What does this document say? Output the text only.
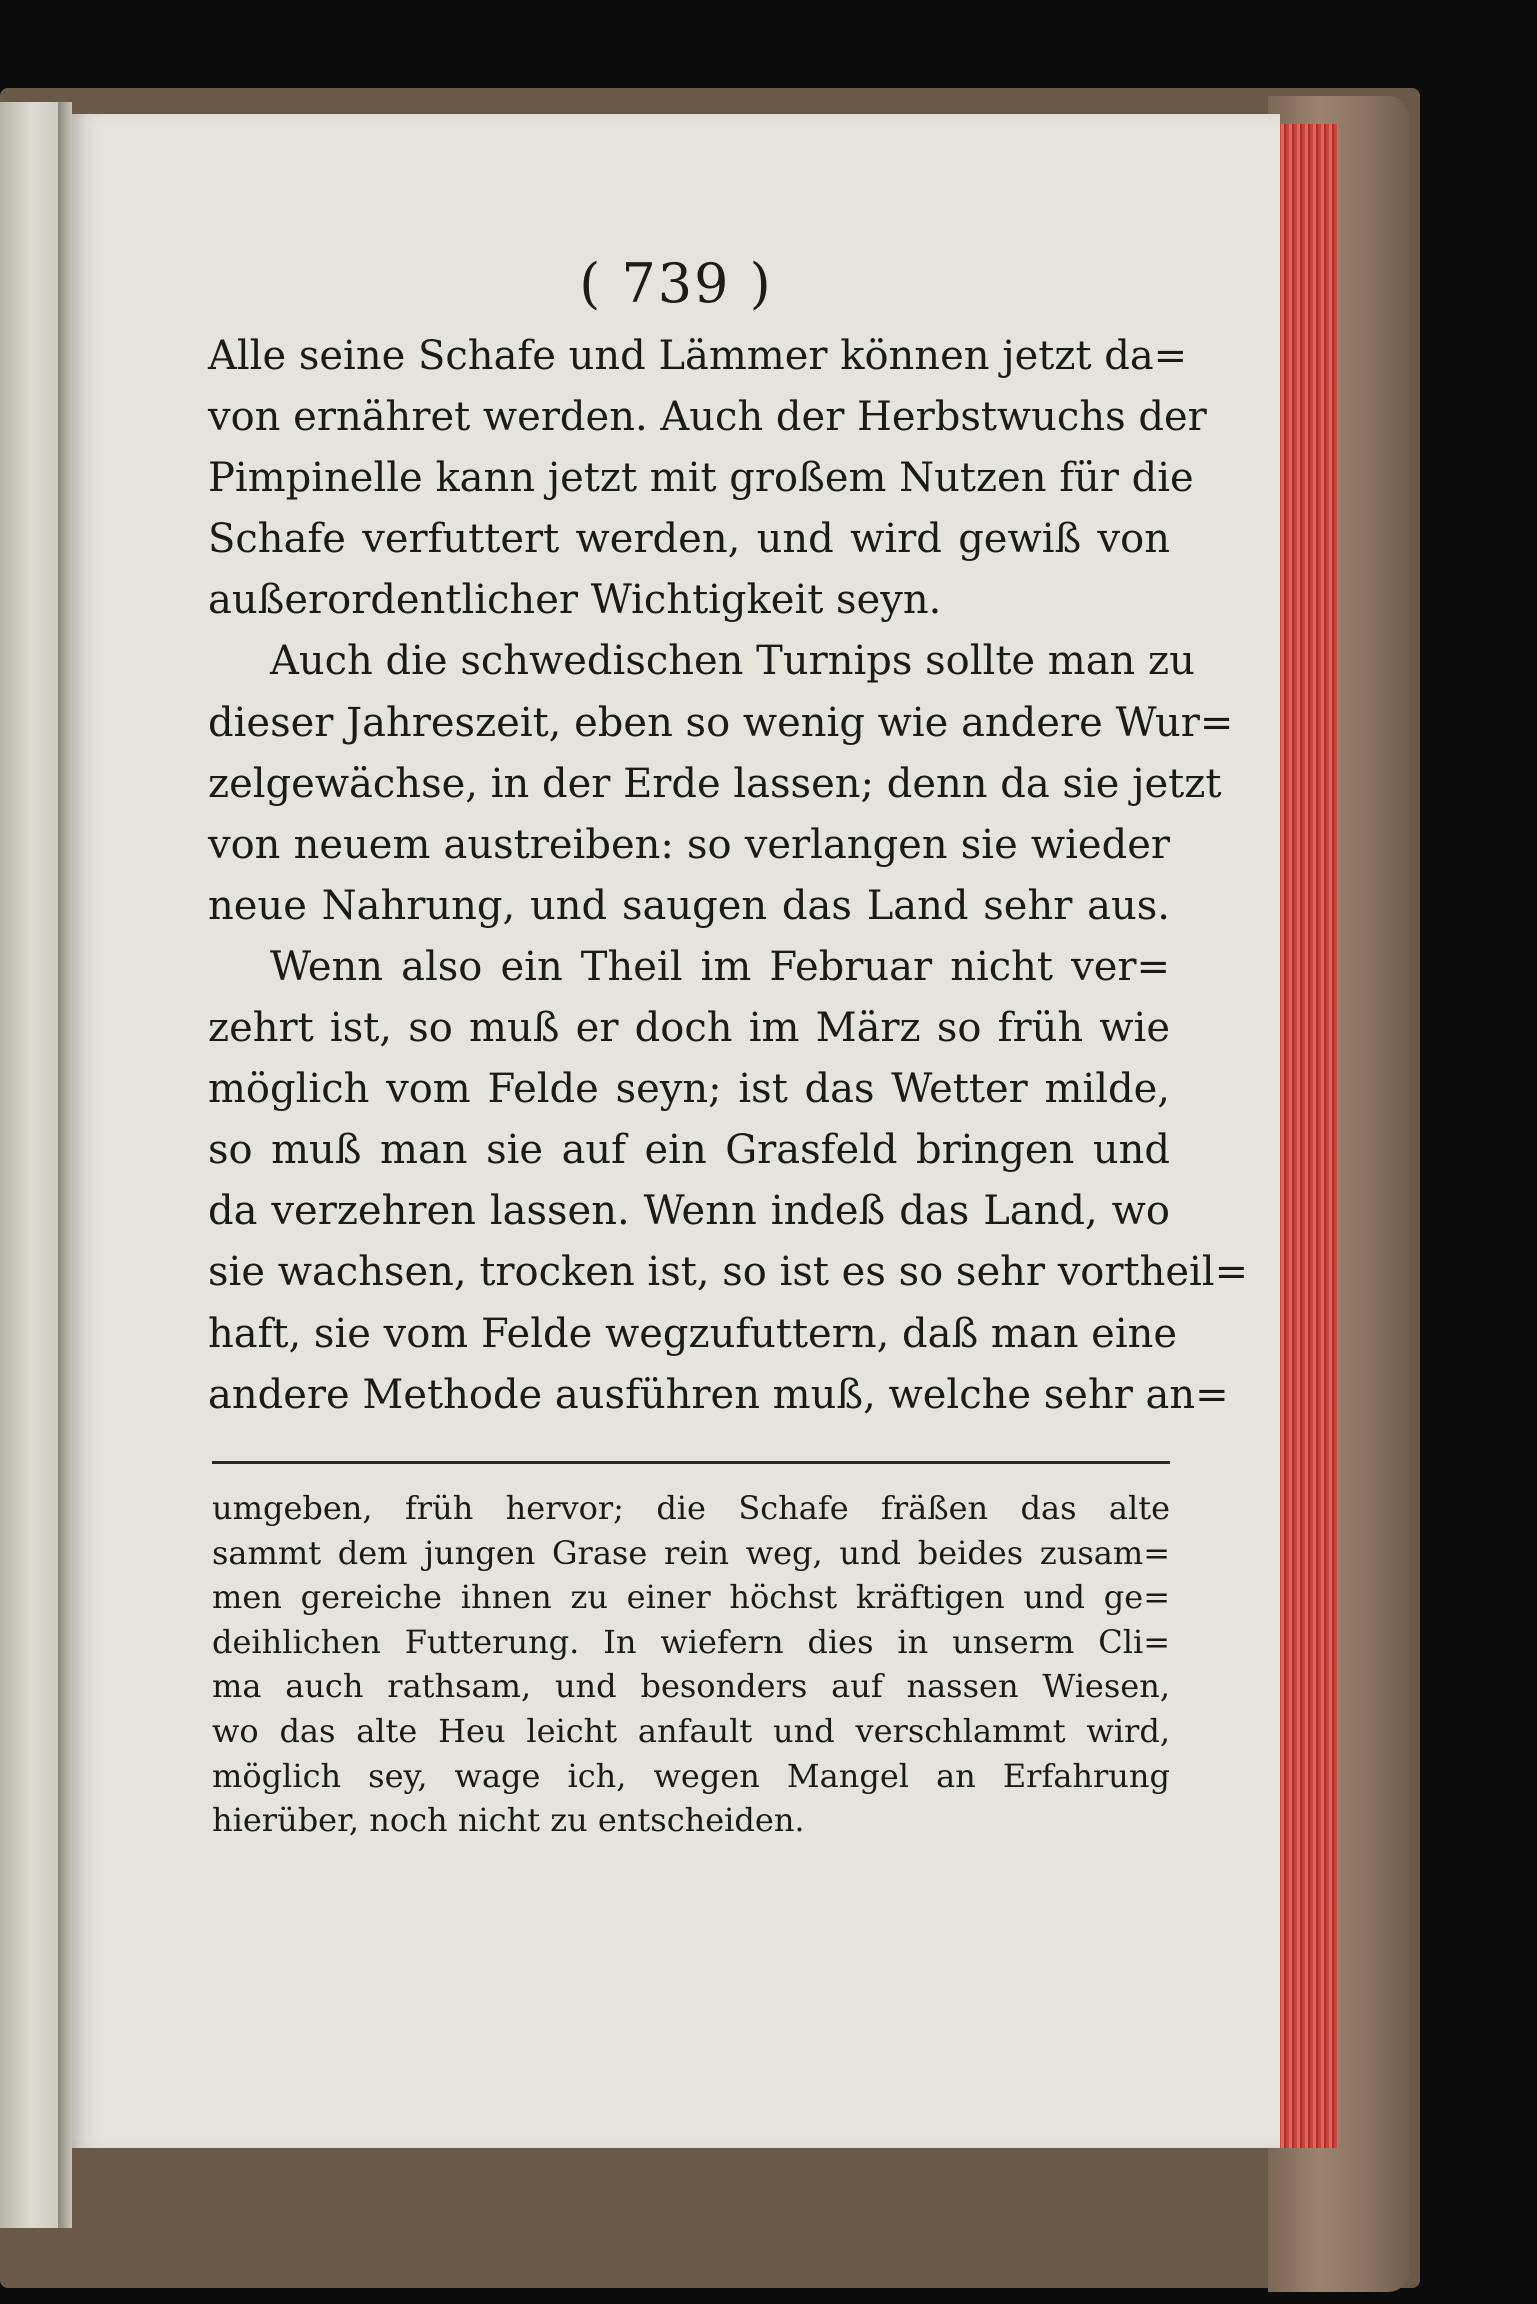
( 739 )
Alle seine Schafe und Lämmer können jetzt da=
von ernähret werden. Auch der Herbstwuchs der
Pimpinelle kann jetzt mit großem Nutzen für die
Schafe verfuttert werden, und wird gewiß von
außerordentlicher Wichtigkeit seyn.
Auch die schwedischen Turnips sollte man zu
dieser Jahreszeit, eben so wenig wie andere Wur=
zelgewächse, in der Erde lassen; denn da sie jetzt
von neuem austreiben: so verlangen sie wieder
neue Nahrung, und saugen das Land sehr aus.
Wenn also ein Theil im Februar nicht ver=
zehrt ist, so muß er doch im März so früh wie
möglich vom Felde seyn; ist das Wetter milde,
so muß man sie auf ein Grasfeld bringen und
da verzehren lassen. Wenn indeß das Land, wo
sie wachsen, trocken ist, so ist es so sehr vortheil=
haft, sie vom Felde wegzufuttern, daß man eine
andere Methode ausführen muß, welche sehr an=
umgeben, früh hervor; die Schafe fräßen das alte
sammt dem jungen Grase rein weg, und beides zusam=
men gereiche ihnen zu einer höchst kräftigen und ge=
deihlichen Futterung. In wiefern dies in unserm Cli=
ma auch rathsam, und besonders auf nassen Wiesen,
wo das alte Heu leicht anfault und verschlammt wird,
möglich sey, wage ich, wegen Mangel an Erfahrung
hierüber, noch nicht zu entscheiden.
